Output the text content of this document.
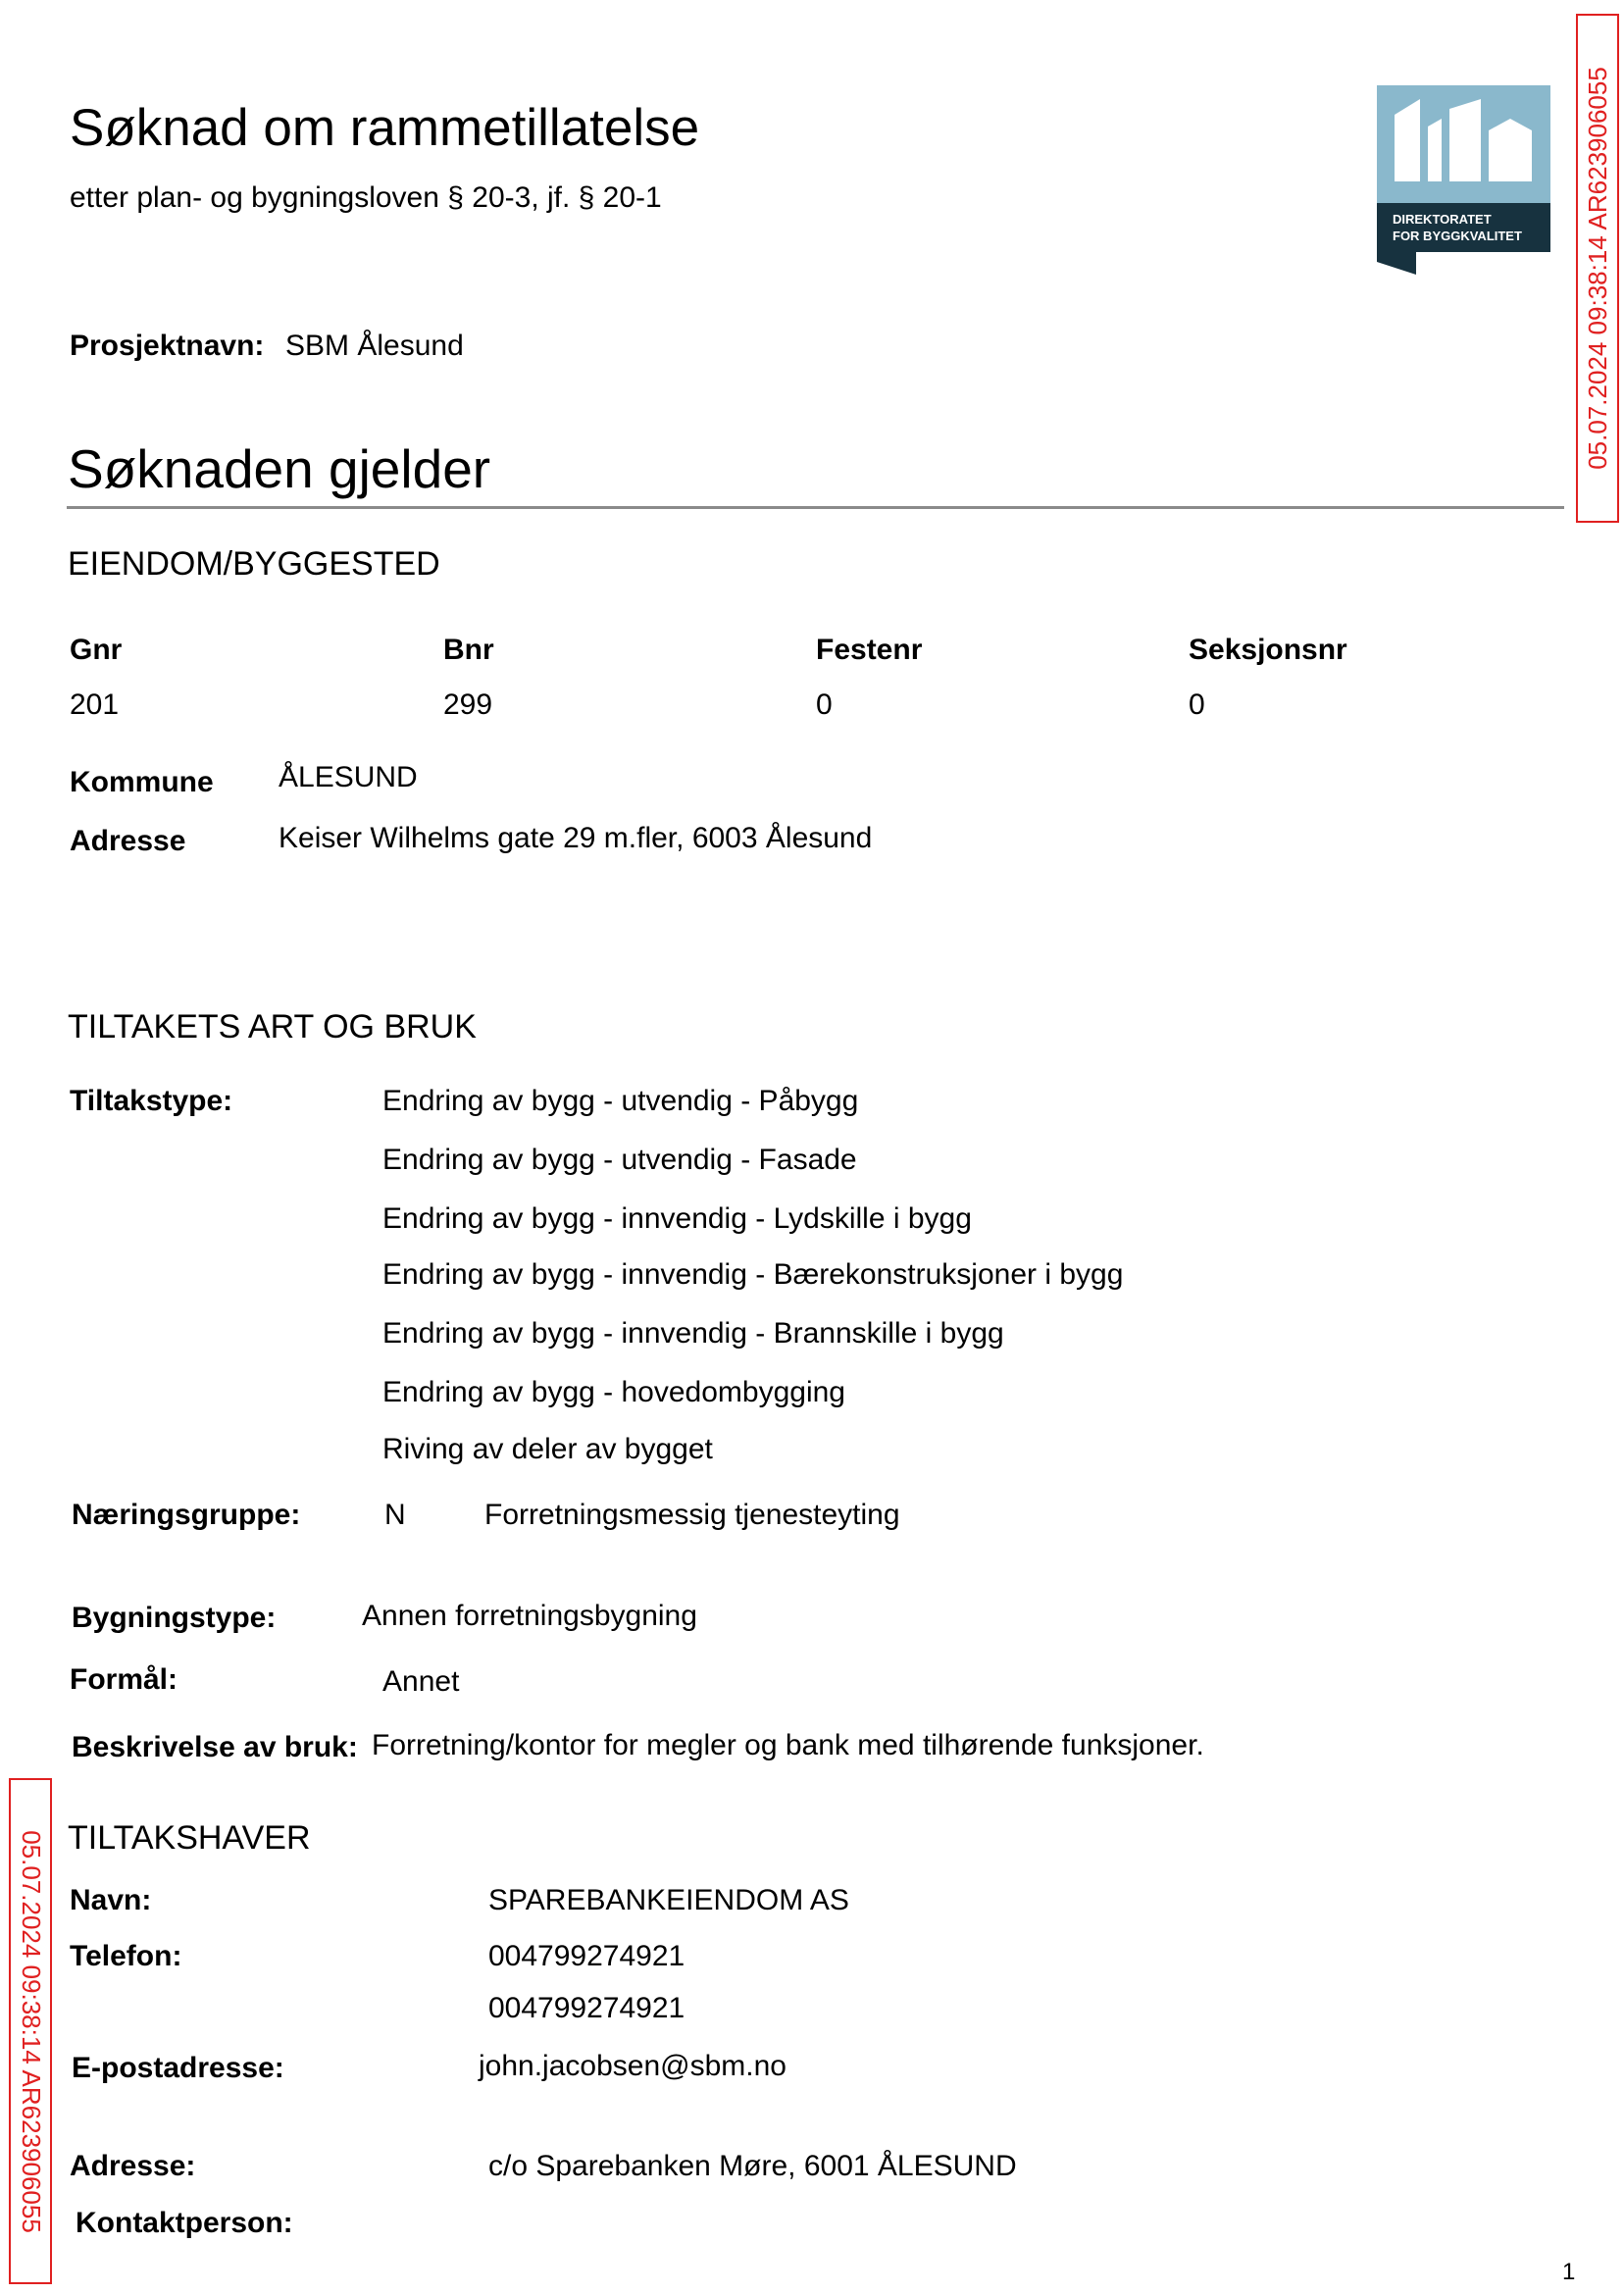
Søknad om rammetillatelse
etter plan- og bygningsloven § 20-3, jf. § 20-1
DIREKTORATET
FOR BYGGKVALITET 05.07.2024 09:38:14 AR623906055
05.07.2024 09:38:14 AR623906055
Prosjektnavn: SBM Ålesund
Søknaden gjelder
EIENDOM/BYGGESTED
Gnr	Bnr	Festenr	Seksjonsnr
201	299	0	0
Kommune ÅLESUND
Adresse	Keiser Wilhelms gate 29 m.fler, 6003 Ålesund
TILTAKETS ART OG BRUK
Tiltakstype:	Endring av bygg - utvendig - Påbygg
Endring av bygg - utvendig - Fasade
Endring av bygg - innvendig - Lydskille i bygg
Endring av bygg - innvendig - Bærekonstruksjoner i bygg
Endring av bygg - innvendig - Brannskille i bygg
Endring av bygg - hovedombygging
Riving av deler av bygget
Næringsgruppe:	N	Forretningsmessig tjenesteyting
Bygningstype:	Annen forretningsbygning
Formål:	Annet
Beskrivelse av bruk: Forretning/kontor for megler og bank med tilhørende funksjoner.
TILTAKSHAVER
Navn:	SPAREBANKEIENDOM AS
Telefon:	004799274921
004799274921
E-postadresse:	john.jacobsen@sbm.no
Adresse:	c/o Sparebanken Møre, 6001 ÅLESUND
Kontaktperson:
1
